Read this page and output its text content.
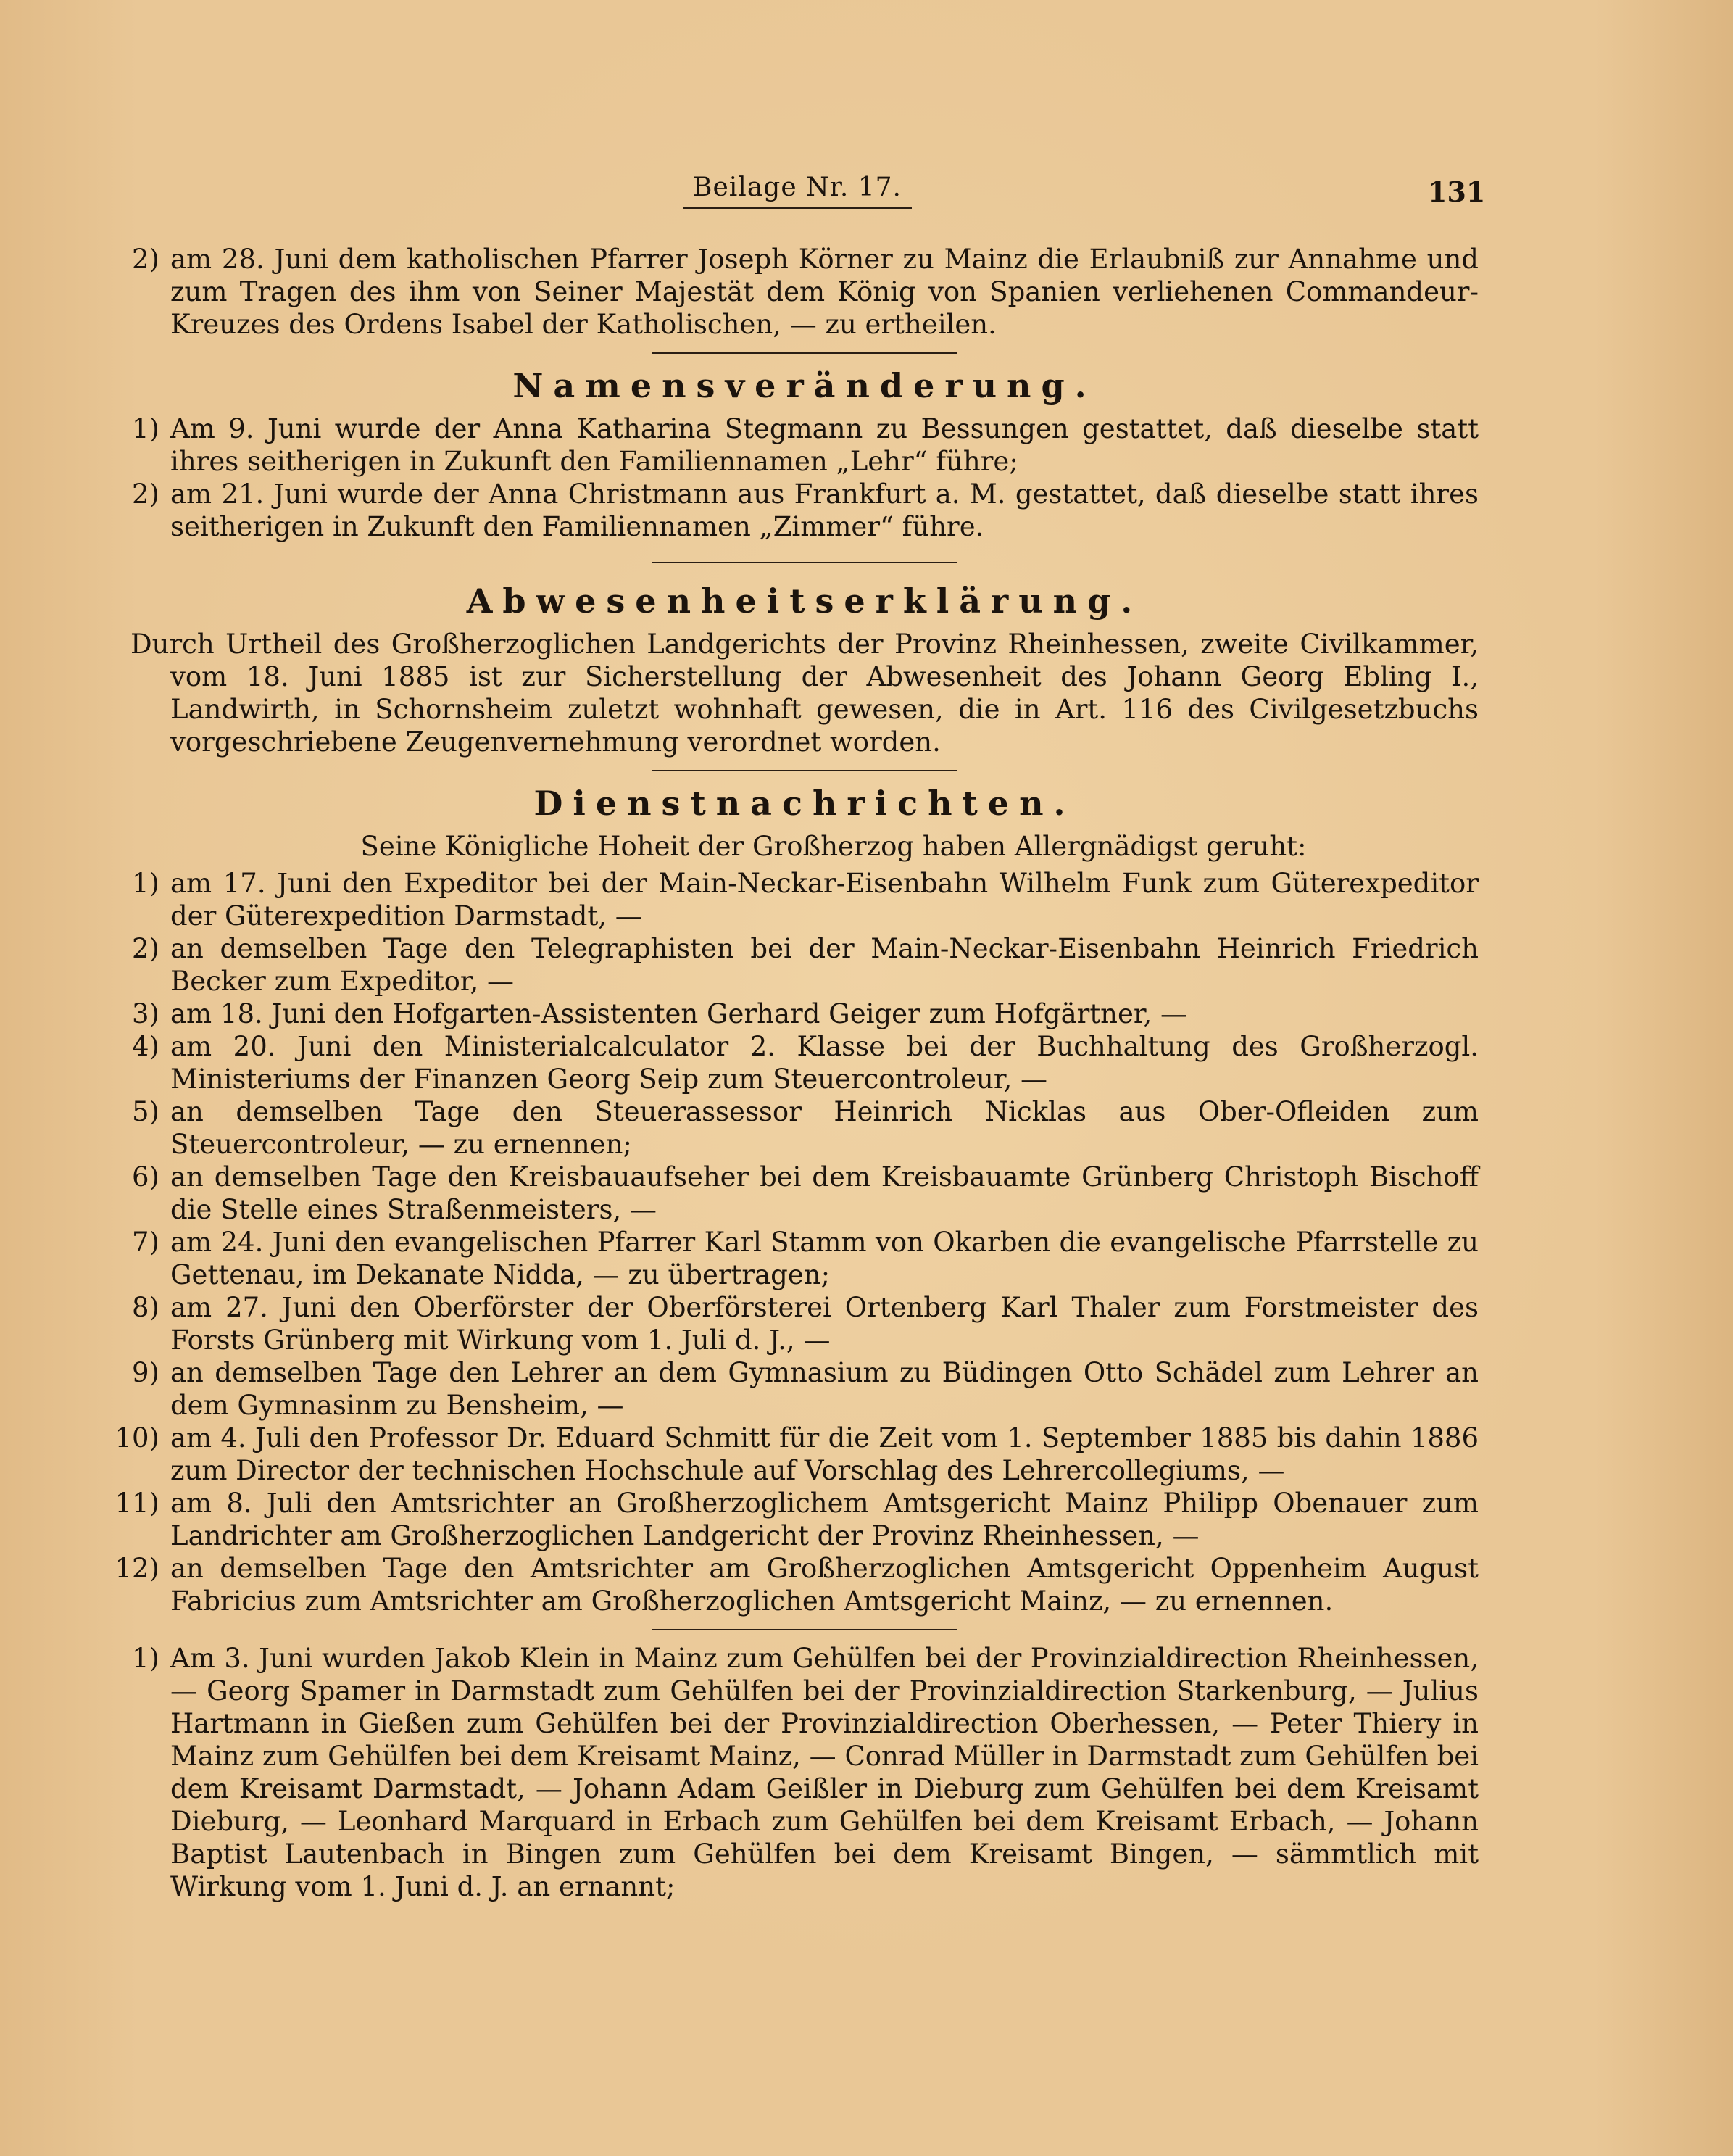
Beilage Nr. 17.	131

2) am 28. Juni dem katholischen Pfarrer Joseph Körner zu Mainz die Erlaubniß zur Annahme und zum Tragen des ihm von Seiner Majestät dem König von Spanien verliehenen Commandeur-Kreuzes des Ordens Isabel der Katholischen, — zu ertheilen.

Namensveränderung.

1) Am 9. Juni wurde der Anna Katharina Stegmann zu Bessungen gestattet, daß dieselbe statt ihres seitherigen in Zukunft den Familiennamen „Lehr“ führe;

2) am 21. Juni wurde der Anna Christmann aus Frankfurt a. M. gestattet, daß dieselbe statt ihres seitherigen in Zukunft den Familiennamen „Zimmer“ führe.

Abwesenheitserklärung.

Durch Urtheil des Großherzoglichen Landgerichts der Provinz Rheinhessen, zweite Civilkammer, vom 18. Juni 1885 ist zur Sicherstellung der Abwesenheit des Johann Georg Ebling I., Landwirth, in Schornsheim zuletzt wohnhaft gewesen, die in Art. 116 des Civilgesetzbuchs vorgeschriebene Zeugenvernehmung verordnet worden.

Dienstnachrichten.

Seine Königliche Hoheit der Großherzog haben Allergnädigst geruht:

1) am 17. Juni den Expeditor bei der Main-Neckar-Eisenbahn Wilhelm Funk zum Güterexpeditor der Güterexpedition Darmstadt, —

2) an demselben Tage den Telegraphisten bei der Main-Neckar-Eisenbahn Heinrich Friedrich Becker zum Expeditor, —

3) am 18. Juni den Hofgarten-Assistenten Gerhard Geiger zum Hofgärtner, —

4) am 20. Juni den Ministerialcalculator 2. Klasse bei der Buchhaltung des Großherzogl. Ministeriums der Finanzen Georg Seip zum Steuercontroleur, —

5) an demselben Tage den Steuerassessor Heinrich Nicklas aus Ober-Ofleiden zum Steuercontroleur, — zu ernennen;

6) an demselben Tage den Kreisbauaufseher bei dem Kreisbauamte Grünberg Christoph Bischoff die Stelle eines Straßenmeisters, —

7) am 24. Juni den evangelischen Pfarrer Karl Stamm von Okarben die evangelische Pfarrstelle zu Gettenau, im Dekanate Nidda, — zu übertragen;

8) am 27. Juni den Oberförster der Oberförsterei Ortenberg Karl Thaler zum Forstmeister des Forsts Grünberg mit Wirkung vom 1. Juli d. J., —

9) an demselben Tage den Lehrer an dem Gymnasium zu Büdingen Otto Schädel zum Lehrer an dem Gymnasinm zu Bensheim, —

10) am 4. Juli den Professor Dr. Eduard Schmitt für die Zeit vom 1. September 1885 bis dahin 1886 zum Director der technischen Hochschule auf Vorschlag des Lehrercollegiums, —

11) am 8. Juli den Amtsrichter an Großherzoglichem Amtsgericht Mainz Philipp Obenauer zum Landrichter am Großherzoglichen Landgericht der Provinz Rheinhessen, —

12) an demselben Tage den Amtsrichter am Großherzoglichen Amtsgericht Oppenheim August Fabricius zum Amtsrichter am Großherzoglichen Amtsgericht Mainz, — zu ernennen.

1) Am 3. Juni wurden Jakob Klein in Mainz zum Gehülfen bei der Provinzialdirection Rheinhessen, — Georg Spamer in Darmstadt zum Gehülfen bei der Provinzialdirection Starkenburg, — Julius Hartmann in Gießen zum Gehülfen bei der Provinzialdirection Oberhessen, — Peter Thiery in Mainz zum Gehülfen bei dem Kreisamt Mainz, — Conrad Müller in Darmstadt zum Gehülfen bei dem Kreisamt Darmstadt, — Johann Adam Geißler in Dieburg zum Gehülfen bei dem Kreisamt Dieburg, — Leonhard Marquard in Erbach zum Gehülfen bei dem Kreisamt Erbach, — Johann Baptist Lautenbach in Bingen zum Gehülfen bei dem Kreisamt Bingen, — sämmtlich mit Wirkung vom 1. Juni d. J. an ernannt;
